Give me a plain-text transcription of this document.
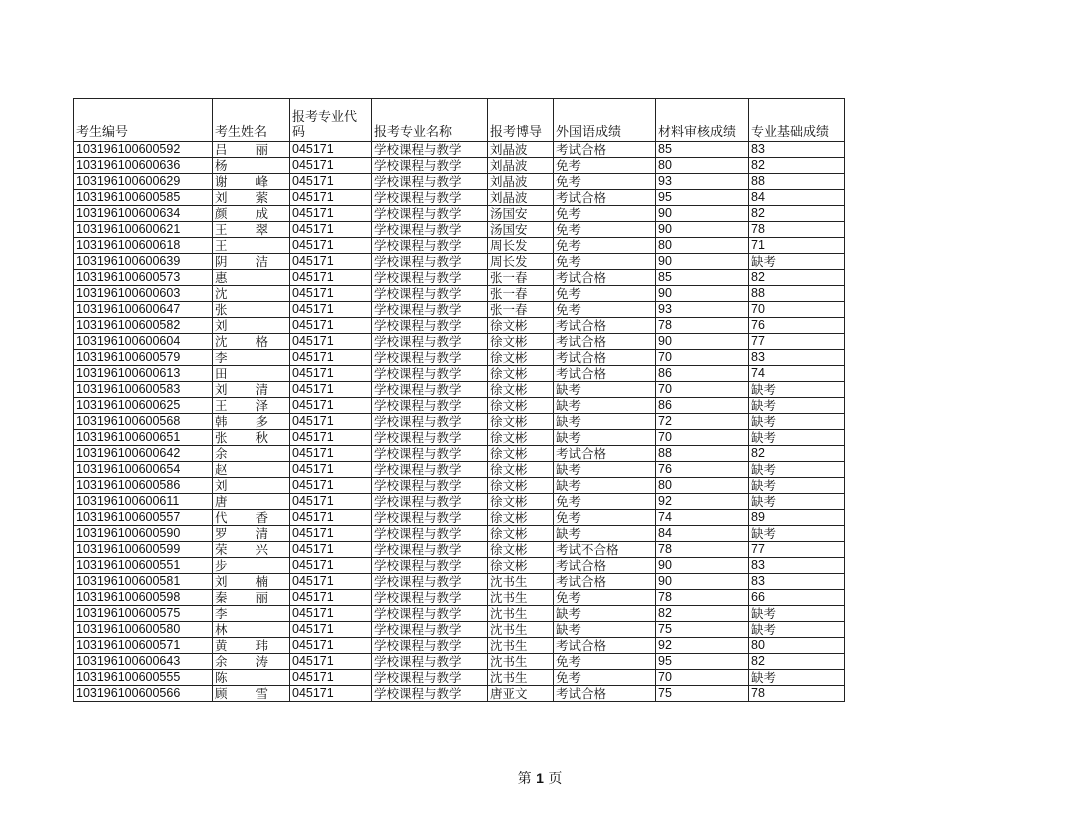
考生编号	考生姓名	报考专业代码	报考专业名称	报考博导	外国语成绩	材料审核成绩	专业基础成绩
103196100600592	吕 丽	045171	学校课程与教学	刘晶波	考试合格	85	83
103196100600636	杨	045171	学校课程与教学	刘晶波	免考	80	82
103196100600629	谢 峰	045171	学校课程与教学	刘晶波	免考	93	88
103196100600585	刘 萦	045171	学校课程与教学	刘晶波	考试合格	95	84
103196100600634	颜 成	045171	学校课程与教学	汤国安	免考	90	82
103196100600621	王 翠	045171	学校课程与教学	汤国安	免考	90	78
103196100600618	王	045171	学校课程与教学	周长发	免考	80	71
103196100600639	阴 洁	045171	学校课程与教学	周长发	免考	90	缺考
103196100600573	惠	045171	学校课程与教学	张一春	考试合格	85	82
103196100600603	沈	045171	学校课程与教学	张一春	免考	90	88
103196100600647	张	045171	学校课程与教学	张一春	免考	93	70
103196100600582	刘	045171	学校课程与教学	徐文彬	考试合格	78	76
103196100600604	沈 格	045171	学校课程与教学	徐文彬	考试合格	90	77
103196100600579	李	045171	学校课程与教学	徐文彬	考试合格	70	83
103196100600613	田	045171	学校课程与教学	徐文彬	考试合格	86	74
103196100600583	刘 清	045171	学校课程与教学	徐文彬	缺考	70	缺考
103196100600625	王 泽	045171	学校课程与教学	徐文彬	缺考	86	缺考
103196100600568	韩 多	045171	学校课程与教学	徐文彬	缺考	72	缺考
103196100600651	张 秋	045171	学校课程与教学	徐文彬	缺考	70	缺考
103196100600642	余	045171	学校课程与教学	徐文彬	考试合格	88	82
103196100600654	赵	045171	学校课程与教学	徐文彬	缺考	76	缺考
103196100600586	刘	045171	学校课程与教学	徐文彬	缺考	80	缺考
103196100600611	唐	045171	学校课程与教学	徐文彬	免考	92	缺考
103196100600557	代 香	045171	学校课程与教学	徐文彬	免考	74	89
103196100600590	罗 清	045171	学校课程与教学	徐文彬	缺考	84	缺考
103196100600599	荣 兴	045171	学校课程与教学	徐文彬	考试不合格	78	77
103196100600551	步	045171	学校课程与教学	徐文彬	考试合格	90	83
103196100600581	刘 楠	045171	学校课程与教学	沈书生	考试合格	90	83
103196100600598	秦 丽	045171	学校课程与教学	沈书生	免考	78	66
103196100600575	李	045171	学校课程与教学	沈书生	缺考	82	缺考
103196100600580	林	045171	学校课程与教学	沈书生	缺考	75	缺考
103196100600571	黄 玮	045171	学校课程与教学	沈书生	考试合格	92	80
103196100600643	余 涛	045171	学校课程与教学	沈书生	免考	95	82
103196100600555	陈	045171	学校课程与教学	沈书生	免考	70	缺考
103196100600566	顾 雪	045171	学校课程与教学	唐亚文	考试合格	75	78
第 1 页
